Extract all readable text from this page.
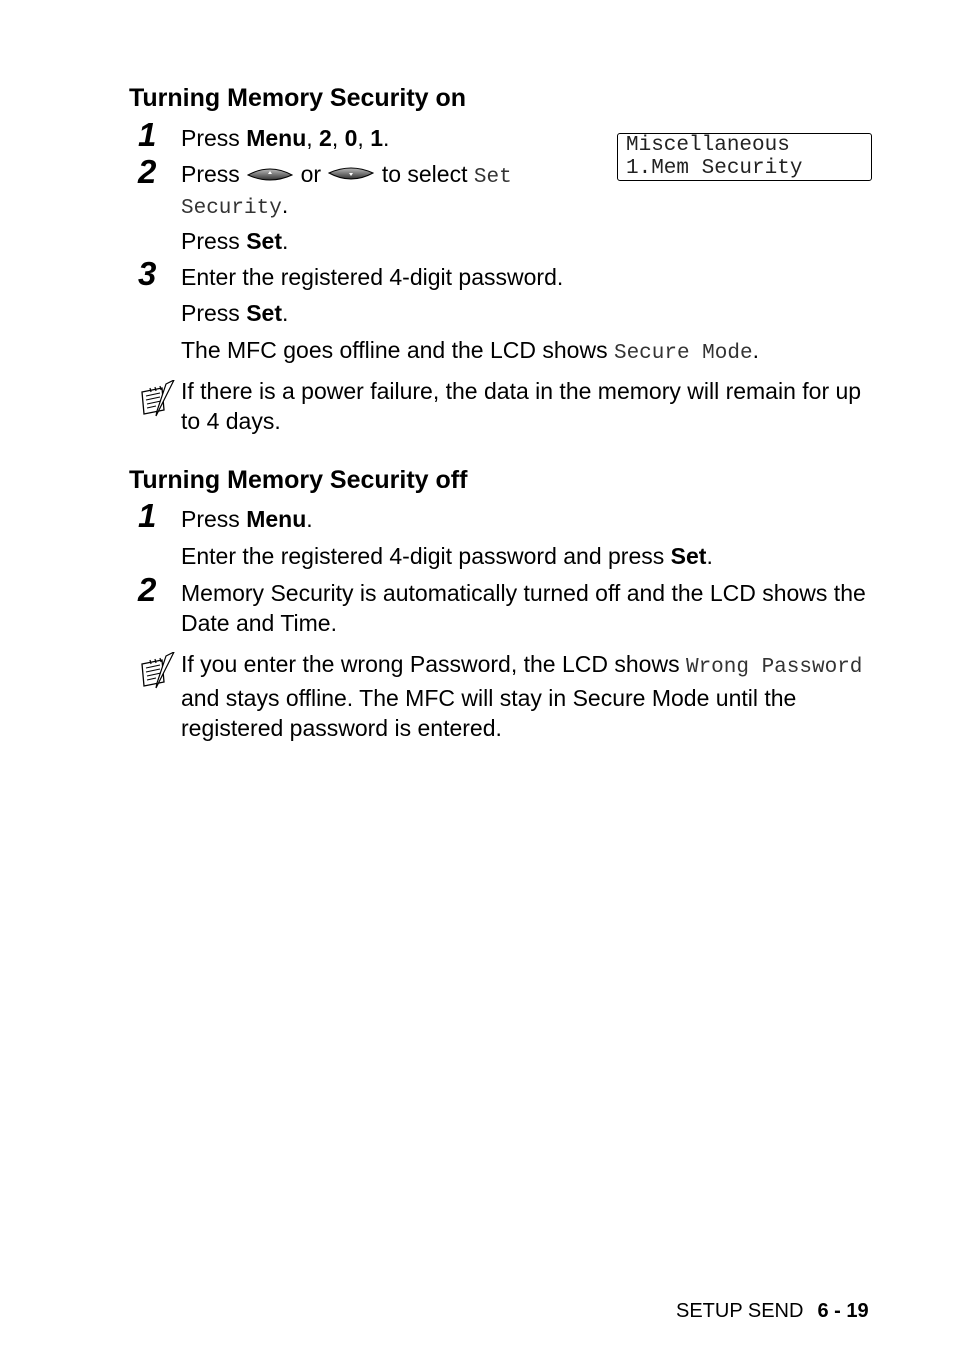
Turning Memory Security on
1 Press Menu, 2, 0, 1.	Miscellaneous
1.Mem Security
2 Press	or	to select Set
Security.
Press Set.
3 Enter the registered 4-digit password.
Press Set.
The MFC goes offline and the LCD shows Secure Mode.
If there is a power failure, the data in the memory will remain for up to 4 days.
Turning Memory Security off
1 Press Menu.
Enter the registered 4-digit password and press Set.
2 Memory Security is automatically turned off and the LCD shows the Date and Time.
If you enter the wrong Password, the LCD shows Wrong Password and stays offline. The MFC will stay in Secure Mode until the registered password is entered.
SETUP SEND 6 - 19
